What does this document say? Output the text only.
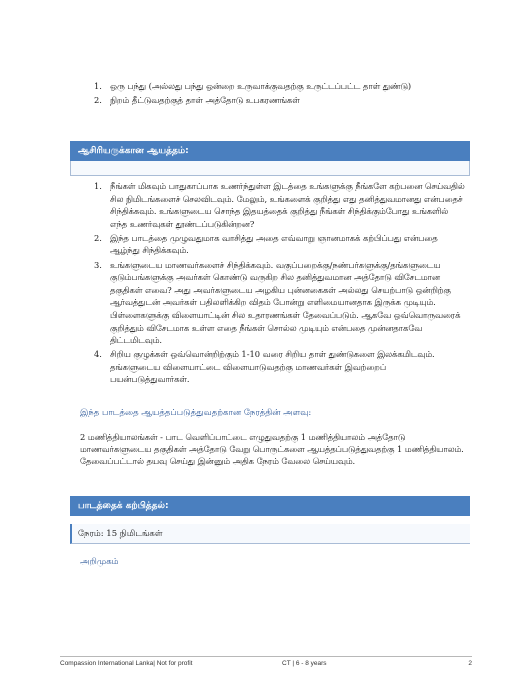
1. ஒரு பந்து (அல்லது பந்து ஒன்றை உருவாக்குவதற்கு உருட்டப்பட்ட தாள் துண்டு)
2. நிறம் தீட்டுவதற்குத் தாள் அத்தோடு உபகரணங்கள்
ஆசிரியருக்கான ஆயத்தம்:
1. நீங்கள் மிகவும் பாதுகாப்பாக உணர்ந்துள்ள இடத்தை உங்களுக்கு நீங்களே கற்பனை செய்வதில் சில நிமிடங்களைச் செலவிடவும். மேலும், உங்களைக் குறித்து எது தனித்துவமானது என்பதைச் சிந்திக்கவும். உங்களுடைய சொந்த இதயத்தைக் குறித்து நீங்கள் சிந்திக்கும்போது உங்களில் எந்த உணர்வுகள் தூண்டப்படுகின்றன?
2. இந்த பாடத்தை முழுவதுமாக வாசித்து அதை எவ்வாறு ஞானமாகக் கற்பிப்பது என்பதை ஆழ்ந்து சிந்திக்கவும்.
3. உங்களுடைய மாணவர்களைச் சிந்திக்கவும். வகுப்பறைக்கு/நண்பர்களுக்கு/தங்களுடைய குடும்பங்களுக்கு அவர்கள் கொண்டு வருகிற சில தனித்துவமான அத்தோடு விசேடமான தகுதிகள் எவை? அது அவர்களுடைய அழகிய புன்னகைகள் அல்லது செயற்பாடு ஒன்றிற்கு ஆர்வத்துடன் அவர்கள் பதிலளிக்கிற விதம் போன்று எளிமையானதாக இருக்க முடியும். பிள்ளைகளுக்கு விளையாட்டின் சில உதாரணங்கள் தேவைப்படும். ஆகவே ஒவ்வொருவரைக் குறித்தும் விசேடமாக உள்ள எதை நீங்கள் சொல்ல முடியும் என்பதை முன்னதாகவே திட்டமிடவும்.
4. சிறிய குழுக்கள் ஒவ்வொன்றிற்கும் 1-10 வரை சிறிய தாள் துண்டுகளை இலக்கமிடவும். தங்களுடைய விளையாட்டை விளையாடுவதற்கு மாணவர்கள் இவற்றைப் பயன்படுத்துவார்கள்.
இந்த பாடத்தை ஆயத்தப்படுத்துவதற்கான நேரத்தின் அளவு:
2 மணித்தியாலங்கள் - பாட வெளிப்பாட்டை எழுதுவதற்கு 1 மணித்தியாலம் அத்தோடு மாணவர்களுடைய தகுதிகள் அத்தோடு வேறு பொருட்களை ஆயத்தப்படுத்துவதற்கு 1 மணித்தியாலம். தேவைப்பட்டால் தயவு செய்து இன்னும் அதிக நேரம் வேலை செய்யவும்.
பாடத்தைக் கற்பித்தல்:
நேரம்: 15 நிமிடங்கள்
அறிமுகம்
Compassion International Lanka| Not for profit	CT | 6 - 8 years	2
